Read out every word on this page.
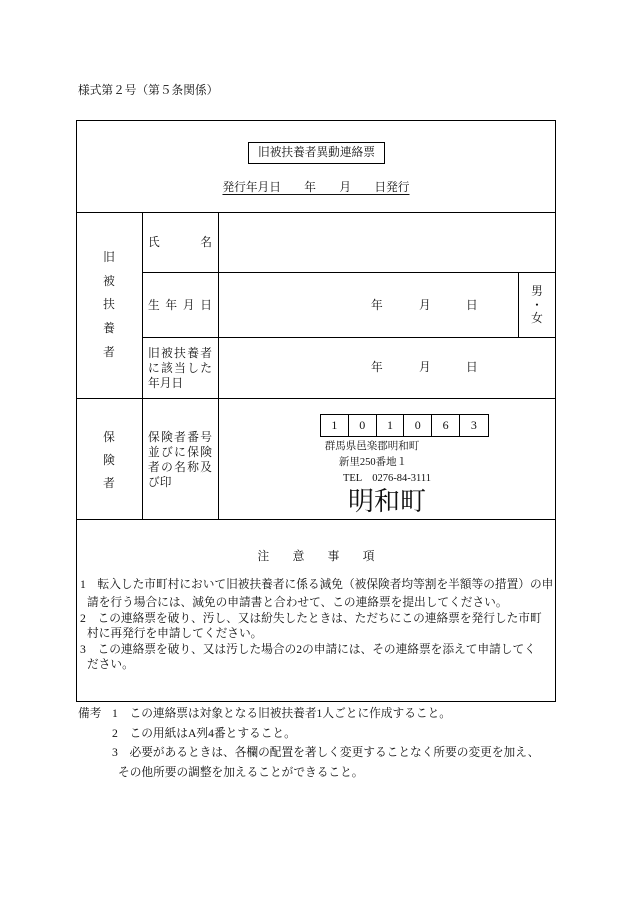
様式第２号（第５条関係）
旧被扶養者異動連絡票
発行年月日　　年　　月　　日発行
旧被扶養者
氏　　名
生 年 月 日	年	月	日
男・女
旧被扶養者
に該当した
年月日
年	月	日
保険者
保険者番号
並びに保険
者の名称及
び印
1	0	1	0	6	3
群馬県邑楽郡明和町
新里250番地１
TEL　0276-84-3111
明和町
注　　意　　事　　項
1　転入した市町村において旧被扶養者に係る減免（被保険者均等割を半額等の措置）の申
請を行う場合には、減免の申請書と合わせて、この連絡票を提出してください。
2　この連絡票を破り、汚し、又は紛失したときは、ただちにこの連絡票を発行した市町
村に再発行を申請してください。
3　この連絡票を破り、又は汚した場合の2の申請には、その連絡票を添えて申請してく
ださい。
備考 1　この連絡票は対象となる旧被扶養者1人ごとに作成すること。
2　この用紙はA列4番とすること。
3　必要があるときは、各欄の配置を著しく変更することなく所要の変更を加え、
その他所要の調整を加えることができること。
